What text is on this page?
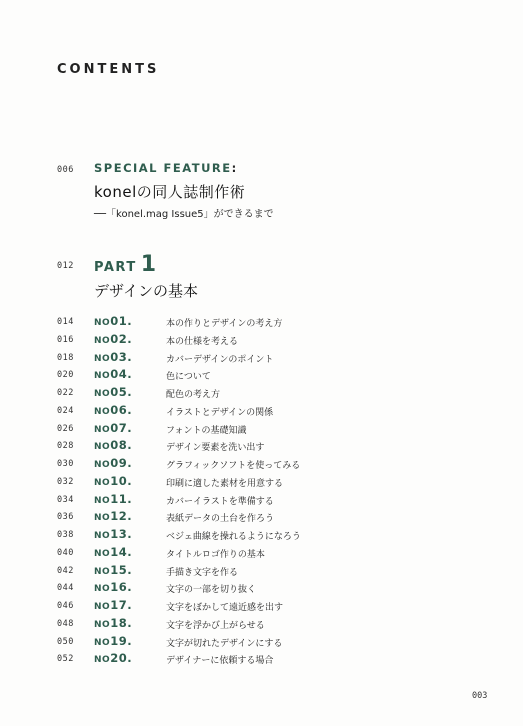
CONTENTS
006 SPECIAL FEATURE:
konelの同人誌制作術
──「konel.mag Issue5」ができるまで
012 PART 1
デザインの基本
014 NO01.	本の作りとデザインの考え方
016 NO02.	本の仕様を考える
018 NO03.	カバーデザインのポイント
020 NO04.	色について
022 NO05.	配色の考え方
024 NO06.	イラストとデザインの関係
026 NO07.	フォントの基礎知識
028 NO08.	デザイン要素を洗い出す
030 NO09.	グラフィックソフトを使ってみる
032 NO10.	印刷に適した素材を用意する
034 NO11.	カバーイラストを準備する
036 NO12.	表紙データの土台を作ろう
038 NO13.	ベジェ曲線を操れるようになろう
040 NO14.	タイトルロゴ作りの基本
042 NO15.	手描き文字を作る
044 NO16.	文字の一部を切り抜く
046 NO17.	文字をぼかして遠近感を出す
048 NO18.	文字を浮かび上がらせる
050 NO19.	文字が切れたデザインにする
052 NO20.	デザイナーに依頼する場合
003
